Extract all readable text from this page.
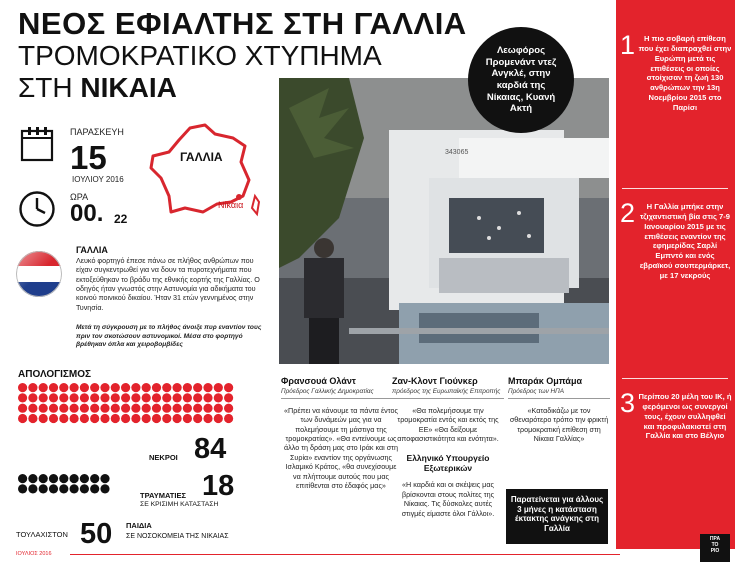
ΝΕΟΣ ΕΦΙΑΛΤΗΣ ΣΤΗ ΓΑΛΛΙΑ
ΤΡΟΜΟΚΡΑΤΙΚΟ ΧΤΥΠΗΜΑ
ΣΤΗ ΝΙΚΑΙΑ
ΠΑΡΑΣΚΕΥΗ
15
ΙΟΥΛΙΟΥ 2016
ΩΡΑ
00. 22
ΓΑΛΛΙΑ
Νίκαια
ΓΑΛΛΙΑ
Λευκό φορτηγό έπεσε πάνω σε πλήθος ανθρώπων που είχαν συγκεντρωθεί για να δουν τα πυροτεχνήματα που εκτοξεύθηκαν το βράδυ της εθνικής εορτής της Γαλλίας. Ο οδηγός ήταν γνωστός στην Αστυνομία για αδικήματα του κοινού ποινικού δικαίου. Ήταν 31 ετών γεννημένος στην Τυνησία.
Μετά τη σύγκρουση με το πλήθος άνοιξε πυρ εναντίον τους πριν τον σκοτώσουν αστυνομικοί. Μέσα στο φορτηγό βρέθηκαν όπλα και χειροβομβίδες
343065
Λεωφόρος Προμενάντ ντεζ Ανγκλέ, στην καρδιά της Νίκαιας, Κυανή Ακτή
1	Η πιο σοβαρή επίθεση που έχει διαπραχθεί στην Ευρώπη μετά τις επιθέσεις οι οποίες στοίχισαν τη ζωή 130 ανθρώπων την 13η Νοεμβρίου 2015 στο Παρίσι
2	Η Γαλλία μπήκε στην τζιχαντιστική βία στις 7-9 Ιανουαρίου 2015 με τις επιθέσεις εναντίον της εφημερίδας Σαρλί Εμπντό και ενός εβραϊκού σουπερμάρκετ, με 17 νεκρούς
3 Περίπου 20 μέλη του ΙΚ, ή φερόμενοι ως συνεργοί τους, έχουν συλληφθεί και προφυλακιστεί στη Γαλλία και στο Βέλγιο
ΑΠΟΛΟΓΙΣΜΟΣ
ΝΕΚΡΟΙ 84
ΤΡΑΥΜΑΤΙΕΣ 18
ΣΕ ΚΡΙΣΙΜΗ ΚΑΤΑΣΤΑΣΗ
ΤΟΥΛΑΧΙΣΤΟΝ 50 ΠΑΙΔΙΑ
ΣΕ ΝΟΣΟΚΟΜΕΙΑ ΤΗΣ ΝΙΚΑΙΑΣ
Φρανσουά Ολάντ
Πρόεδρος Γαλλικής Δημοκρατίας
«Πρέπει να κάνουμε τα πάντα έντος των δυνάμεών μας για να πολεμήσουμε τη μάστιγα της τρομοκρατίας». «Θα εντείνουμε ως άλλο τη δράση μας στο Ιράκ και στη Συρία» εναντίον της οργάνωσης Ισλαμικό Κράτος, «θα συνεχίσουμε να πλήττουμε αυτούς που μας επιτίθενται στο έδαφός μας»
Ζαν-Κλοντ Γιούνκερ
πρόεδρος της Ευρωπαϊκής Επιτροπής
«Θα πολεμήσουμε την τρομοκρατία εντός και εκτός της ΕΕ» «Θα δείξουμε αποφασιστικότητα και ενότητα».
Ελληνικό Υπουργείο Εξωτερικών
«Η καρδιά και οι σκέψεις μας βρίσκονται στους πολίτες της Νίκαιας. Τις δύσκολες αυτές στιγμές είμαστε όλοι Γάλλοι».
Μπαράκ Ομπάμα
Πρόεδρος των ΗΠΑ
«Καταδικάζω με τον σθεναρότερο τρόπο την φρικτή τρομοκρατική επίθεση στη Νίκαια Γαλλίας»
Παρατείνεται για άλλους 3 μήνες η κατάσταση έκτακτης ανάγκης στη Γαλλία
ΙΟΥΛΙΟΣ 2016
ΠΡΑ
ΤΟ
ΡΙΟ
